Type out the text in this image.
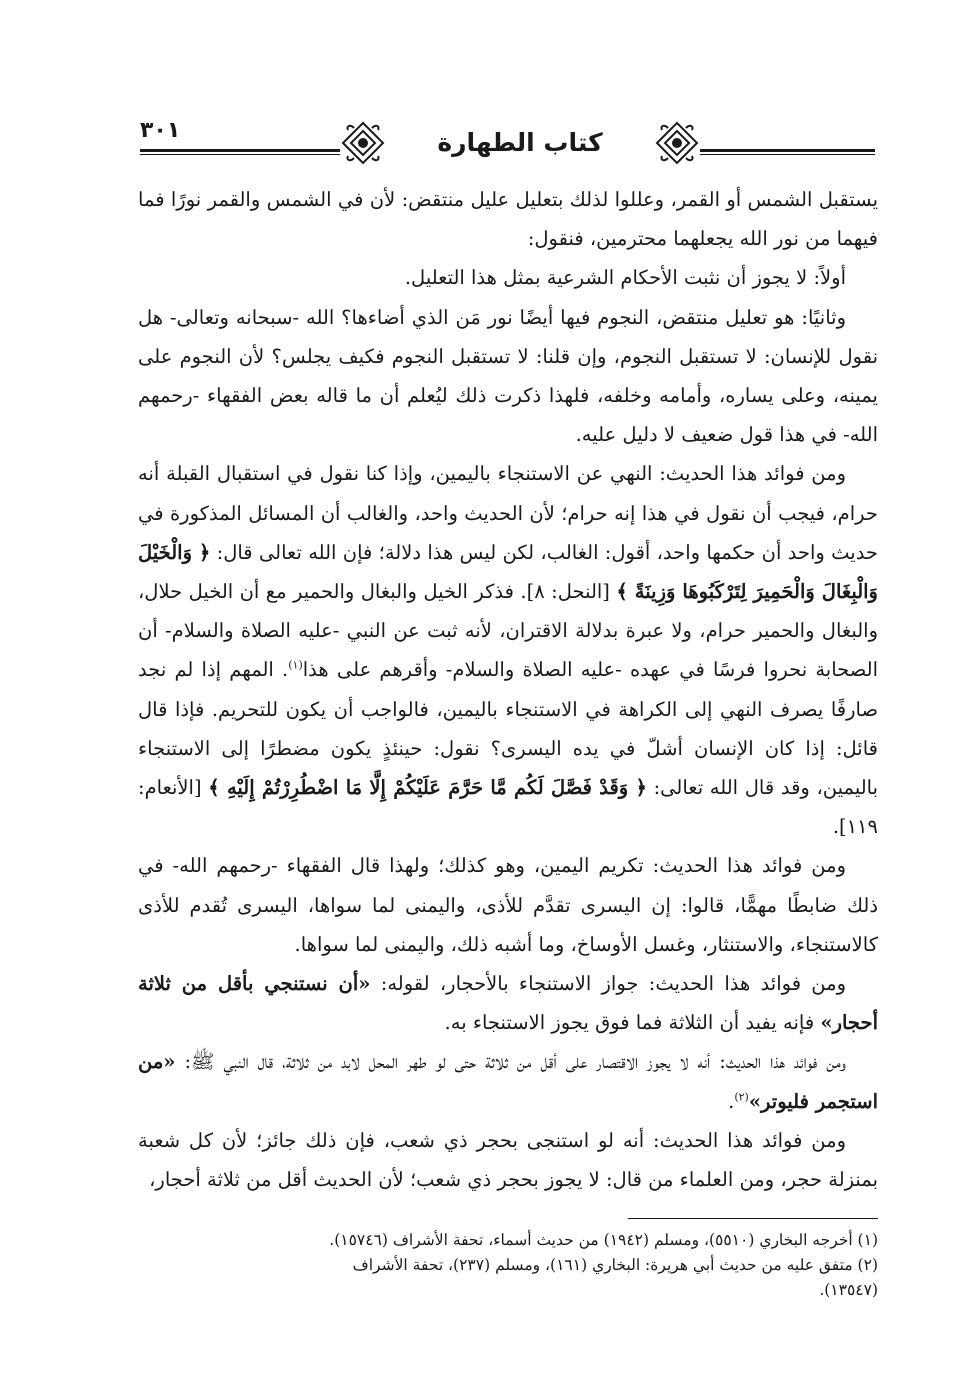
٣٠١	كتاب الطهارة

يستقبل الشمس أو القمر، وعللوا لذلك بتعليل عليل منتقض: لأن في الشمس والقمر نورًا فما فيهما من نور الله يجعلهما محترمين، فنقول:

أولاً: لا يجوز أن نثبت الأحكام الشرعية بمثل هذا التعليل.

وثانيًا: هو تعليل منتقض، النجوم فيها أيضًا نور مَن الذي أضاءها؟ الله -سبحانه وتعالى- هل نقول للإنسان: لا تستقبل النجوم، وإن قلنا: لا تستقبل النجوم فكيف يجلس؟ لأن النجوم على يمينه، وعلى يساره، وأمامه وخلفه، فلهذا ذكرت ذلك ليُعلم أن ما قاله بعض الفقهاء -رحمهم الله- في هذا قول ضعيف لا دليل عليه.

ومن فوائد هذا الحديث: النهي عن الاستنجاء باليمين، وإذا كنا نقول في استقبال القبلة أنه حرام، فيجب أن نقول في هذا إنه حرام؛ لأن الحديث واحد، والغالب أن المسائل المذكورة في حديث واحد أن حكمها واحد، أقول: الغالب، لكن ليس هذا دلالة؛ فإن الله تعالى قال: ﴿ وَالْخَيْلَ وَالْبِغَالَ وَالْحَمِيرَ لِتَرْكَبُوهَا وَزِينَةً ﴾ [النحل: ٨]. فذكر الخيل والبغال والحمير مع أن الخيل حلال، والبغال والحمير حرام، ولا عبرة بدلالة الاقتران، لأنه ثبت عن النبي -عليه الصلاة والسلام- أن الصحابة نحروا فرسًا في عهده -عليه الصلاة والسلام- وأقرهم على هذا$^{(١)}$. المهم إذا لم نجد صارفًا يصرف النهي إلى الكراهة في الاستنجاء باليمين، فالواجب أن يكون للتحريم. فإذا قال قائل: إذا كان الإنسان أشلّ في يده اليسرى؟ نقول: حينئذٍ يكون مضطرًا إلى الاستنجاء باليمين، وقد قال الله تعالى: ﴿ وَقَدْ فَصَّلَ لَكُم مَّا حَرَّمَ عَلَيْكُمْ إِلَّا مَا اضْطُرِرْتُمْ إِلَيْهِ ﴾ [الأنعام: ١١٩].

ومن فوائد هذا الحديث: تكريم اليمين، وهو كذلك؛ ولهذا قال الفقهاء -رحمهم الله- في ذلك ضابطًا مهمًّا، قالوا: إن اليسرى تقدَّم للأذى، واليمنى لما سواها، اليسرى تُقدم للأذى كالاستنجاء، والاستنثار، وغسل الأوساخ، وما أشبه ذلك، واليمنى لما سواها.

ومن فوائد هذا الحديث: جواز الاستنجاء بالأحجار، لقوله: «أن نستنجي بأقل من ثلاثة أحجار» فإنه يفيد أن الثلاثة فما فوق يجوز الاستنجاء به.

ومن فوائد هذا الحديث: أنه لا يجوز الاقتصار على أقل من ثلاثة حتى لو طهر المحل لابد من ثلاثة، قال النبي ﷺ: «من استجمر فليوتر»$^{(٢)}$.

ومن فوائد هذا الحديث: أنه لو استنجى بحجر ذي شعب، فإن ذلك جائز؛ لأن كل شعبة بمنزلة حجر، ومن العلماء من قال: لا يجوز بحجر ذي شعب؛ لأن الحديث أقل من ثلاثة أحجار،

(١) أخرجه البخاري (٥٥١٠)، ومسلم (١٩٤٢) من حديث أسماء، تحفة الأشراف (١٥٧٤٦).

(٢) متفق عليه من حديث أبي هريرة: البخاري (١٦١)، ومسلم (٢٣٧)، تحفة الأشراف (١٣٥٤٧).
